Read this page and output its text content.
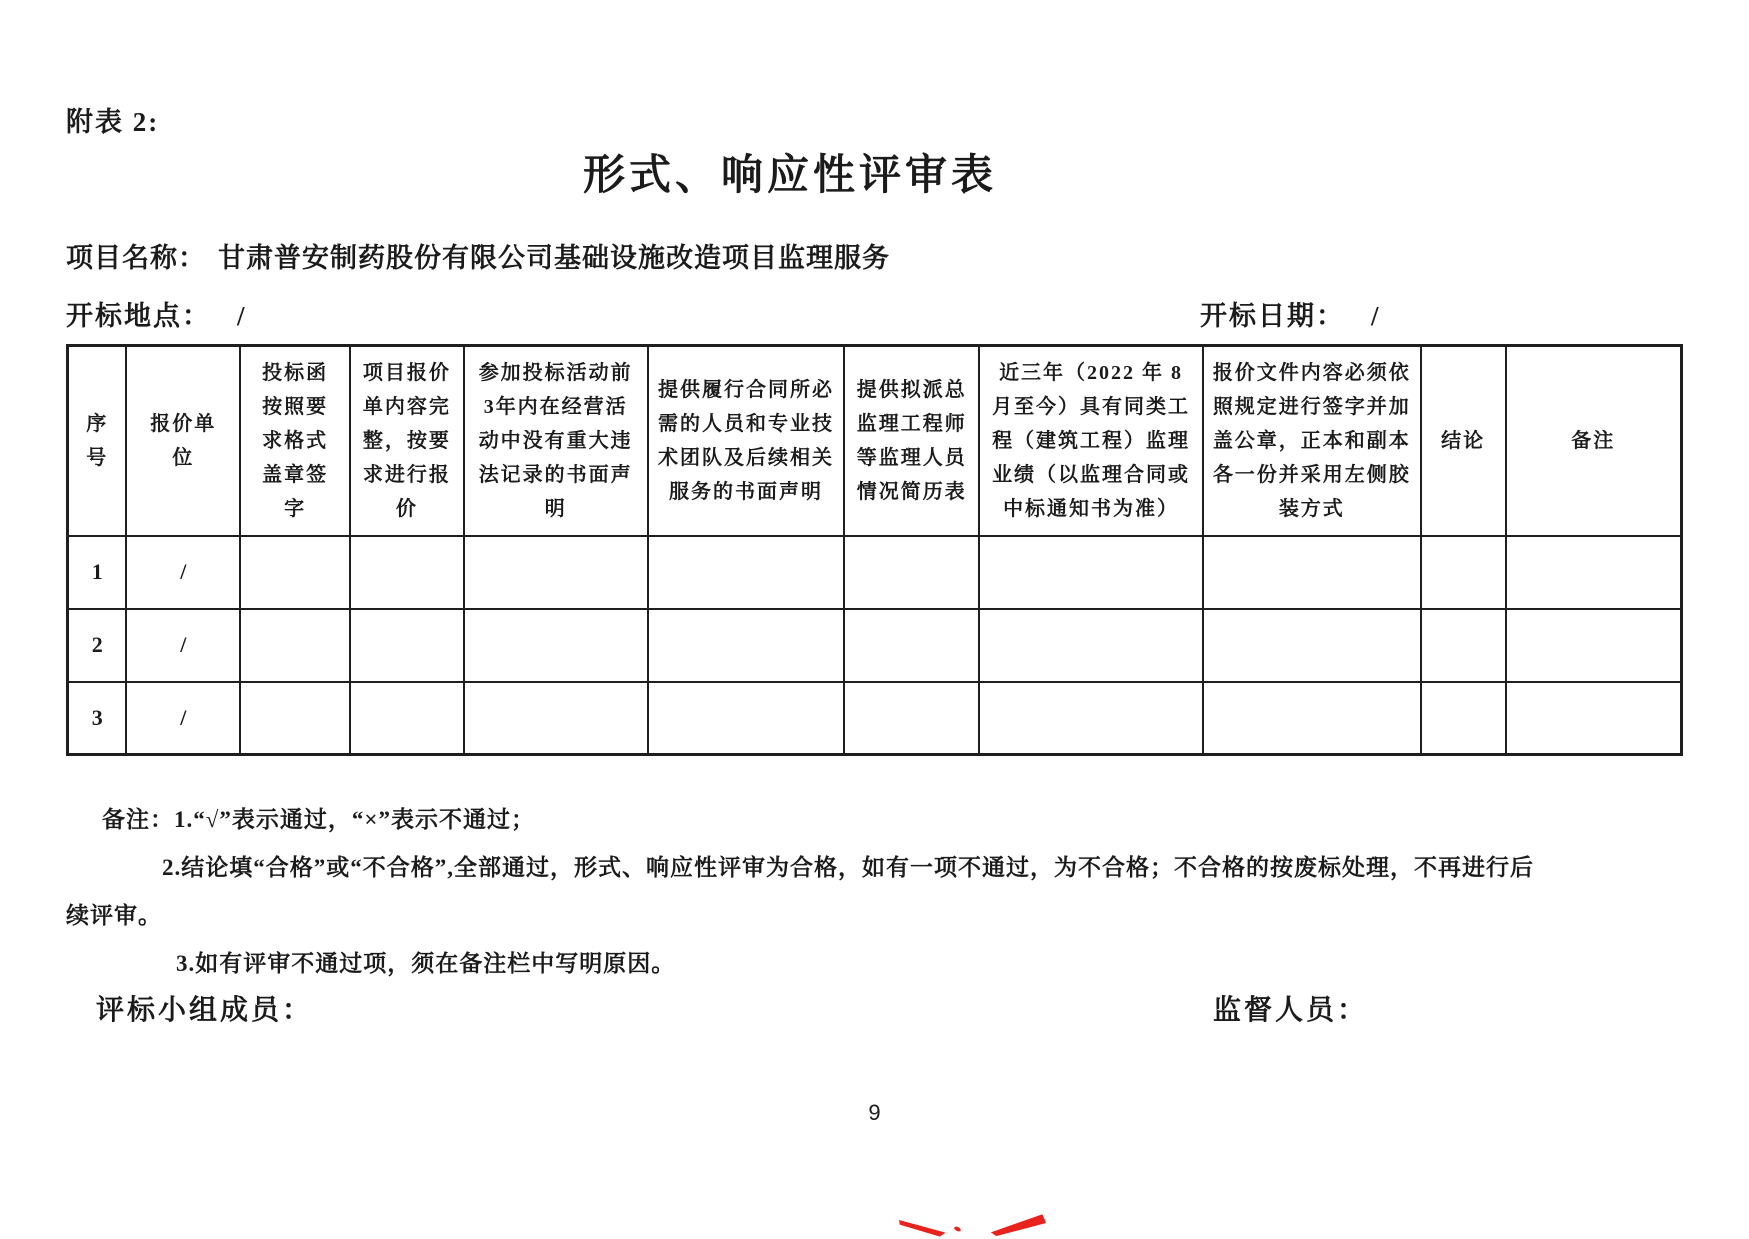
附表 2:
形式、响应性评审表
项目名称： 甘肃普安制药股份有限公司基础设施改造项目监理服务
开标地点： /	开标日期： /
序号	报价单位	投标函按照要求格式盖章签字	项目报价单内容完整，按要求进行报价	参加投标活动前3年内在经营活动中没有重大违法记录的书面声明	提供履行合同所必需的人员和专业技术团队及后续相关服务的书面声明	提供拟派总监理工程师等监理人员情况简历表	近三年（2022 年 8 月至今）具有同类工程（建筑工程）监理业绩（以监理合同或中标通知书为准）	报价文件内容必须依照规定进行签字并加盖公章，正本和副本各一份并采用左侧胶装方式	结论	备注
1	/									
2	/									
3	/									
备注：1.“√”表示通过，“×”表示不通过；
2.结论填“合格”或“不合格”,全部通过，形式、响应性评审为合格，如有一项不通过，为不合格；不合格的按废标处理，不再进行后
续评审。
3.如有评审不通过项，须在备注栏中写明原因。
评标小组成员：	监督人员：
9
